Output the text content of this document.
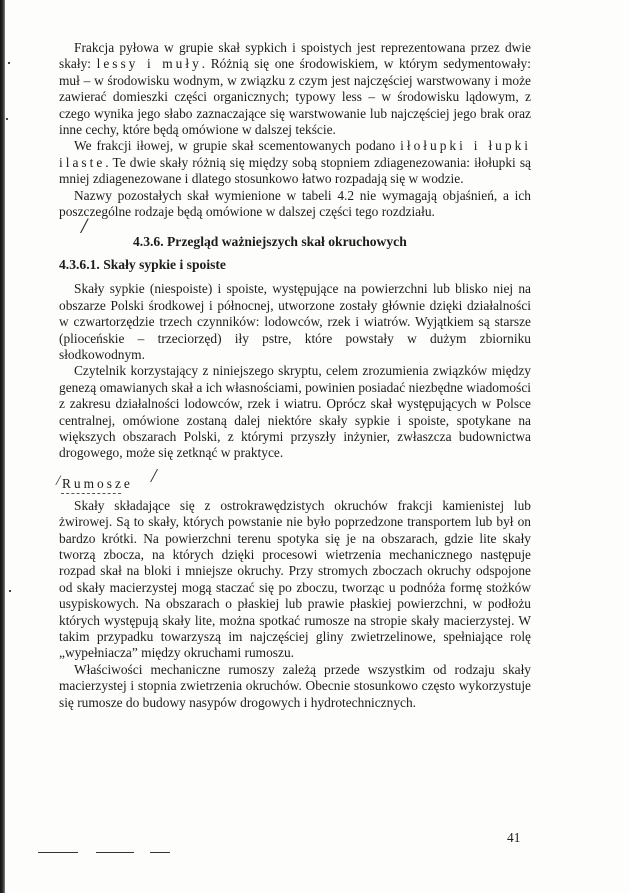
Frakcja pyłowa w grupie skał sypkich i spoistych jest reprezentowana przez dwie skały: lessy i muły. Różnią się one środowiskiem, w którym sedymentowały: muł – w środowisku wodnym, w związku z czym jest najczęściej warstwowany i może zawierać domieszki części organicznych; typowy less – w środowisku lądowym, z czego wynika jego słabo zaznaczające się warstwowanie lub najczęściej jego brak oraz inne cechy, które będą omówione w dalszej tekście.

We frakcji iłowej, w grupie skał scementowanych podano iłołupki i łupki ilaste. Te dwie skały różnią się między sobą stopniem zdiagenezowania: iłołupki są mniej zdiagenezowane i dlatego stosunkowo łatwo rozpadają się w wodzie.

Nazwy pozostałych skał wymienione w tabeli 4.2 nie wymagają objaśnień, a ich poszczególne rodzaje będą omówione w dalszej części tego rozdziału.

/
4.3.6. Przegląd ważniejszych skał okruchowych
4.3.6.1. Skały sypkie i spoiste

Skały sypkie (niespoiste) i spoiste, występujące na powierzchni lub blisko niej na obszarze Polski środkowej i północnej, utworzone zostały głównie dzięki działalności w czwartorzędzie trzech czynników: lodowców, rzek i wiatrów. Wyjątkiem są starsze (plioceńskie – trzeciorzęd) iły pstre, które powstały w dużym zbiorniku słodkowodnym.

Czytelnik korzystający z niniejszego skryptu, celem zrozumienia związków między genezą omawianych skał a ich własnościami, powinien posiadać niezbędne wiadomości z zakresu działalności lodowców, rzek i wiatru. Oprócz skał występujących w Polsce centralnej, omówione zostaną dalej niektóre skały sypkie i spoiste, spotykane na większych obszarach Polski, z którymi przyszły inżynier, zwłaszcza budownictwa drogowego, może się zetknąć w praktyce.

/ Rumosze /

Skały składające się z ostrokrawędzistych okruchów frakcji kamienistej lub żwirowej. Są to skały, których powstanie nie było poprzedzone transportem lub był on bardzo krótki. Na powierzchni terenu spotyka się je na obszarach, gdzie lite skały tworzą zbocza, na których dzięki procesowi wietrzenia mechanicznego następuje rozpad skał na bloki i mniejsze okruchy. Przy stromych zboczach okruchy odspojone od skały macierzystej mogą staczać się po zboczu, tworząc u podnóża formę stożków usypiskowych. Na obszarach o płaskiej lub prawie płaskiej powierzchni, w podłożu których występują skały lite, można spotkać rumosze na stropie skały macierzystej. W takim przypadku towarzyszą im najczęściej gliny zwietrzelinowe, spełniające rolę „wypełniacza” między okruchami rumoszu.

Właściwości mechaniczne rumoszy zależą przede wszystkim od rodzaju skały macierzystej i stopnia zwietrzenia okruchów. Obecnie stosunkowo często wykorzystuje się rumosze do budowy nasypów drogowych i hydrotechnicznych.

41
